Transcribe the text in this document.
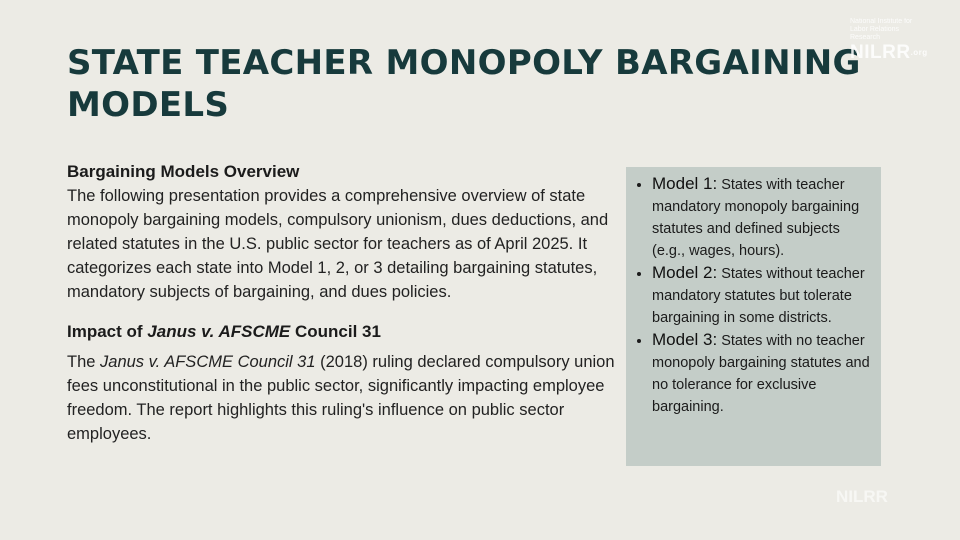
STATE TEACHER MONOPOLY BARGAINING MODELS
National Institute for Labor Relations Research
$NILRR^{.org}$
NILRR
Bargaining Models Overview

The following presentation provides a comprehensive overview of state monopoly bargaining models, compulsory unionism, dues deductions, and related statutes in the U.S. public sector for teachers as of April 2025. It categorizes each state into Model 1, 2, or 3 detailing bargaining statutes, mandatory subjects of bargaining, and dues policies.

Impact of Janus v. AFSCME Council 31

The Janus v. AFSCME Council 31 (2018) ruling declared compulsory union fees unconstitutional in the public sector, significantly impacting employee freedom. The report highlights this ruling's influence on public sector employees.

• Model 1: States with teacher mandatory monopoly bargaining statutes and defined subjects (e.g., wages, hours).
• Model 2: States without teacher mandatory statutes but tolerate bargaining in some districts.
• Model 3: States with no teacher monopoly bargaining statutes and no tolerance for exclusive bargaining.
